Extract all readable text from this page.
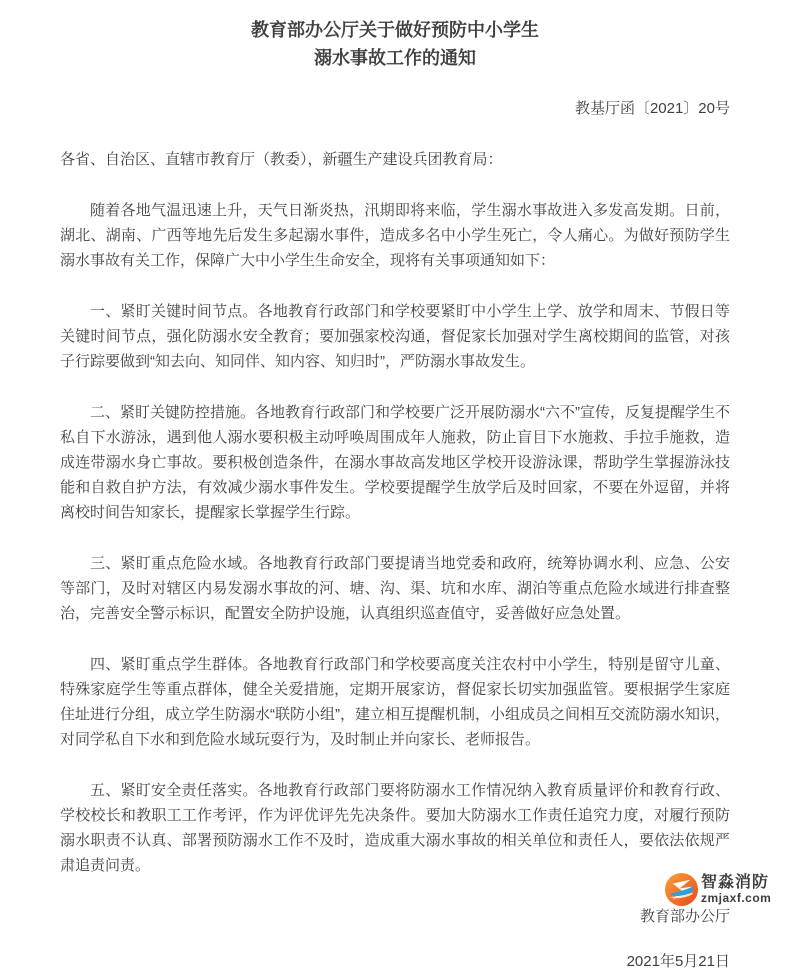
教育部办公厅关于做好预防中小学生
溺水事故工作的通知
教基厅函〔2021〕20号
各省、自治区、直辖市教育厅（教委），新疆生产建设兵团教育局：

随着各地气温迅速上升，天气日渐炎热，汛期即将来临，学生溺水事故进入多发高发期。日前，湖北、湖南、广西等地先后发生多起溺水事件，造成多名中小学生死亡，令人痛心。为做好预防学生溺水事故有关工作，保障广大中小学生生命安全，现将有关事项通知如下：

一、紧盯关键时间节点。各地教育行政部门和学校要紧盯中小学生上学、放学和周末、节假日等关键时间节点，强化防溺水安全教育；要加强家校沟通，督促家长加强对学生离校期间的监管，对孩子行踪要做到“知去向、知同伴、知内容、知归时”，严防溺水事故发生。

二、紧盯关键防控措施。各地教育行政部门和学校要广泛开展防溺水“六不”宣传，反复提醒学生不私自下水游泳，遇到他人溺水要积极主动呼唤周围成年人施救，防止盲目下水施救、手拉手施救，造成连带溺水身亡事故。要积极创造条件，在溺水事故高发地区学校开设游泳课，帮助学生掌握游泳技能和自救自护方法，有效减少溺水事件发生。学校要提醒学生放学后及时回家，不要在外逗留，并将离校时间告知家长，提醒家长掌握学生行踪。

三、紧盯重点危险水域。各地教育行政部门要提请当地党委和政府，统筹协调水利、应急、公安等部门，及时对辖区内易发溺水事故的河、塘、沟、渠、坑和水库、湖泊等重点危险水域进行排查整治，完善安全警示标识，配置安全防护设施，认真组织巡查值守，妥善做好应急处置。

四、紧盯重点学生群体。各地教育行政部门和学校要高度关注农村中小学生，特别是留守儿童、特殊家庭学生等重点群体，健全关爱措施，定期开展家访，督促家长切实加强监管。要根据学生家庭住址进行分组，成立学生防溺水“联防小组”，建立相互提醒机制，小组成员之间相互交流防溺水知识，对同学私自下水和到危险水域玩耍行为，及时制止并向家长、老师报告。

五、紧盯安全责任落实。各地教育行政部门要将防溺水工作情况纳入教育质量评价和教育行政、学校校长和教职工工作考评，作为评优评先先决条件。要加大防溺水工作责任追究力度，对履行预防溺水职责不认真、部署预防溺水工作不及时，造成重大溺水事故的相关单位和责任人，要依法依规严肃追责问责。

教育部办公厅
2021年5月21日
智淼消防
zmjaxf.com
